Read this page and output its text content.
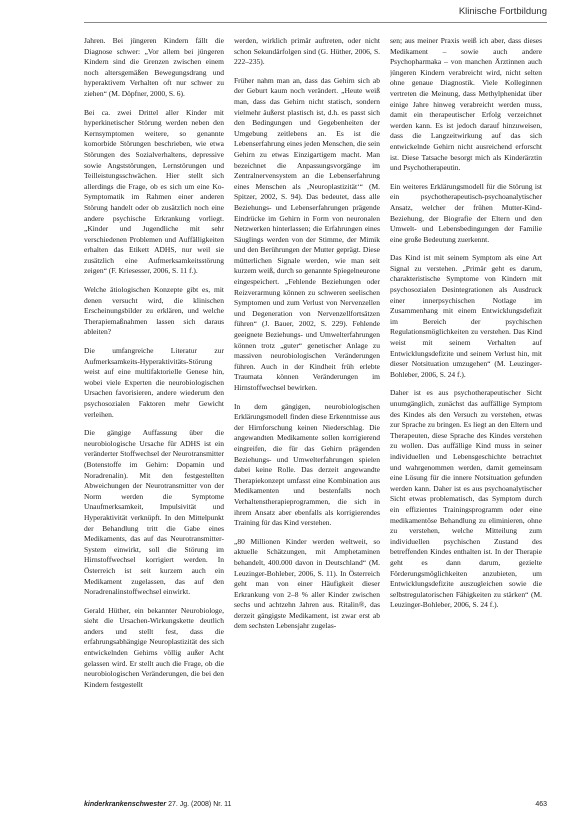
Klinische Fortbildung

Jahren. Bei jüngeren Kindern fällt die Diagnose schwer: „Vor allem bei jüngeren Kindern sind die Grenzen zwischen einem noch altersgemäßen Bewegungsdrang und hyperaktivem Verhalten oft nur schwer zu ziehen“ (M. Döpfner, 2000, S. 6).

Bei ca. zwei Drittel aller Kinder mit hyperkinetischer Störung werden neben den Kernsymptomen weitere, so genannte komorbide Störungen beschrieben, wie etwa Störungen des Sozialverhaltens, depressive sowie Angststörungen, Lernstörungen und Teilleistungsschwächen. Hier stellt sich allerdings die Frage, ob es sich um eine Ko-Symptomatik im Rahmen einer anderen Störung handelt oder ob zusätzlich noch eine andere psychische Erkrankung vorliegt. „Kinder und Jugendliche mit sehr verschiedenen Problemen und Auffälligkeiten erhalten das Etikett ADHS, nur weil sie zusätzlich eine Aufmerksamkeitsstörung zeigen“ (F. Kriesesser, 2006, S. 11 f.).

Welche ätiologischen Konzepte gibt es, mit denen versucht wird, die klinischen Erscheinungsbilder zu erklären, und welche Therapiemaßnahmen lassen sich daraus ableiten?

Die umfangreiche Literatur zur Aufmerksamkeits-Hyperaktivitäts-Störung weist auf eine multifaktorielle Genese hin, wobei viele Experten die neurobiologischen Ursachen favorisieren, andere wiederum den psychosozialen Faktoren mehr Gewicht verleihen.

Die gängige Auffassung über die neurobiologische Ursache für ADHS ist ein veränderter Stoffwechsel der Neurotransmitter (Botenstoffe im Gehirn: Dopamin und Noradrenalin). Mit den festgestellten Abweichungen der Neurotransmitter von der Norm werden die Symptome Unaufmerksamkeit, Impulsivität und Hyperaktivität verknüpft. In den Mittelpunkt der Behandlung tritt die Gabe eines Medikaments, das auf das Neurotransmitter-System einwirkt, soll die Störung im Hirnstoffwechsel korrigiert werden. In Österreich ist seit kurzem auch ein Medikament zugelassen, das auf den Noradrenalinstoffwechsel einwirkt.

Gerald Hüther, ein bekannter Neurobiologe, sieht die Ursachen-Wirkungskette deutlich anders und stellt fest, dass die erfahrungsabhängige Neuroplastizität des sich entwickelnden Gehirns völlig außer Acht gelassen wird. Er stellt auch die Frage, ob die neurobiologischen Veränderungen, die bei den Kindern festgestellt

werden, wirklich primär auftreten, oder nicht schon Sekundärfolgen sind (G. Hüther, 2006, S. 222–235).

Früher nahm man an, dass das Gehirn sich ab der Geburt kaum noch verändert. „Heute weiß man, dass das Gehirn nicht statisch, sondern vielmehr äußerst plastisch ist, d.h. es passt sich den Bedingungen und Gegebenheiten der Umgebung zeitlebens an. Es ist die Lebenserfahrung eines jeden Menschen, die sein Gehirn zu etwas Einzigartigem macht. Man bezeichnet die Anpassungsvorgänge im Zentralnervensystem an die Lebenserfahrung eines Menschen als ‚Neuroplastizität‘“ (M. Spitzer, 2002, S. 94). Das bedeutet, dass alle Beziehungs- und Lebenserfahrungen prägende Eindrücke im Gehirn in Form von neuronalen Netzwerken hinterlassen; die Erfahrungen eines Säuglings werden von der Stimme, der Mimik und den Berührungen der Mutter geprägt. Diese mütterlichen Signale werden, wie man seit kurzem weiß, durch so genannte Spiegelneurone eingespeichert. „Fehlende Beziehungen oder Reizverarmung können zu schweren seelischen Symptomen und zum Verlust von Nervenzellen und Degeneration von Nervenzellfortsätzen führen“ (J. Bauer, 2002, S. 229). Fehlende geeignete Beziehungs- und Umwelterfahrungen können trotz „guter“ genetischer Anlage zu massiven neurobiologischen Veränderungen führen. Auch in der Kindheit früh erlebte Traumata können Veränderungen im Hirnstoffwechsel bewirken.

In dem gängigen, neurobiologischen Erklärungsmodell finden diese Erkenntnisse aus der Hirnforschung keinen Niederschlag. Die angewandten Medikamente sollen korrigierend eingreifen, die für das Gehirn prägenden Beziehungs- und Umwelterfahrungen spielen dabei keine Rolle. Das derzeit angewandte Therapiekonzept umfasst eine Kombination aus Medikamenten und bestenfalls noch Verhaltenstherapieprogrammen, die sich in ihrem Ansatz aber ebenfalls als korrigierendes Training für das Kind verstehen.

„80 Millionen Kinder werden weltweit, so aktuelle Schätzungen, mit Amphetaminen behandelt, 400.000 davon in Deutschland“ (M. Leuzinger-Bohleber, 2006, S. 11). In Österreich geht man von einer Häufigkeit dieser Erkrankung von 2–8 % aller Kinder zwischen sechs und achtzehn Jahren aus. Ritalin®, das derzeit gängigste Medikament, ist zwar erst ab dem sechsten Lebensjahr zugelas-

sen; aus meiner Praxis weiß ich aber, dass dieses Medikament – sowie auch andere Psychopharmaka – von manchen Ärztinnen auch jüngeren Kindern verabreicht wird, nicht selten ohne genaue Diagnostik. Viele Kolleginnen vertreten die Meinung, dass Methylphenidat über einige Jahre hinweg verabreicht werden muss, damit ein therapeutischer Erfolg verzeichnet werden kann. Es ist jedoch darauf hinzuweisen, dass die Langzeitwirkung auf das sich entwickelnde Gehirn nicht ausreichend erforscht ist. Diese Tatsache besorgt mich als Kinderärztin und Psychotherapeutin.

Ein weiteres Erklärungsmodell für die Störung ist ein psychotherapeutisch-psychoanalytischer Ansatz, welcher der frühen Mutter-Kind-Beziehung, der Biografie der Eltern und den Umwelt- und Lebensbedingungen der Familie eine große Bedeutung zuerkennt.

Das Kind ist mit seinem Symptom als eine Art Signal zu verstehen. „Primär geht es darum, charakteristische Symptome von Kindern mit psychosozialen Desintegrationen als Ausdruck einer innerpsychischen Notlage im Zusammenhang mit einem Entwicklungsdefizit im Bereich der psychischen Regulationsmöglichkeiten zu verstehen. Das Kind weist mit seinem Verhalten auf Entwicklungsdefizite und seinem Verlust hin, mit dieser Notsituation umzugehen“ (M. Leuzinger-Bohleber, 2006, S. 24 f.).

Daher ist es aus psychotherapeutischer Sicht unumgänglich, zunächst das auffällige Symptom des Kindes als den Versuch zu verstehen, etwas zur Sprache zu bringen. Es liegt an den Eltern und Therapeuten, diese Sprache des Kindes verstehen zu wollen. Das auffällige Kind muss in seiner individuellen und Lebensgeschichte betrachtet und wahrgenommen werden, damit gemeinsam eine Lösung für die innere Notsituation gefunden werden kann. Daher ist es aus psychoanalytischer Sicht etwas problematisch, das Symptom durch ein effizientes Trainingsprogramm oder eine medikamentöse Behandlung zu eliminieren, ohne zu verstehen, welche Mitteilung zum individuellen psychischen Zustand des betreffenden Kindes enthalten ist. In der Therapie geht es dann darum, gezielte Förderungsmöglichkeiten anzubieten, um Entwicklungsdefizite auszugleichen sowie die selbstregulatorischen Fähigkeiten zu stärken“ (M. Leuzinger-Bohleber, 2006, S. 24 f.).

kinderkrankenschwester 27. Jg. (2008) Nr. 11	463
